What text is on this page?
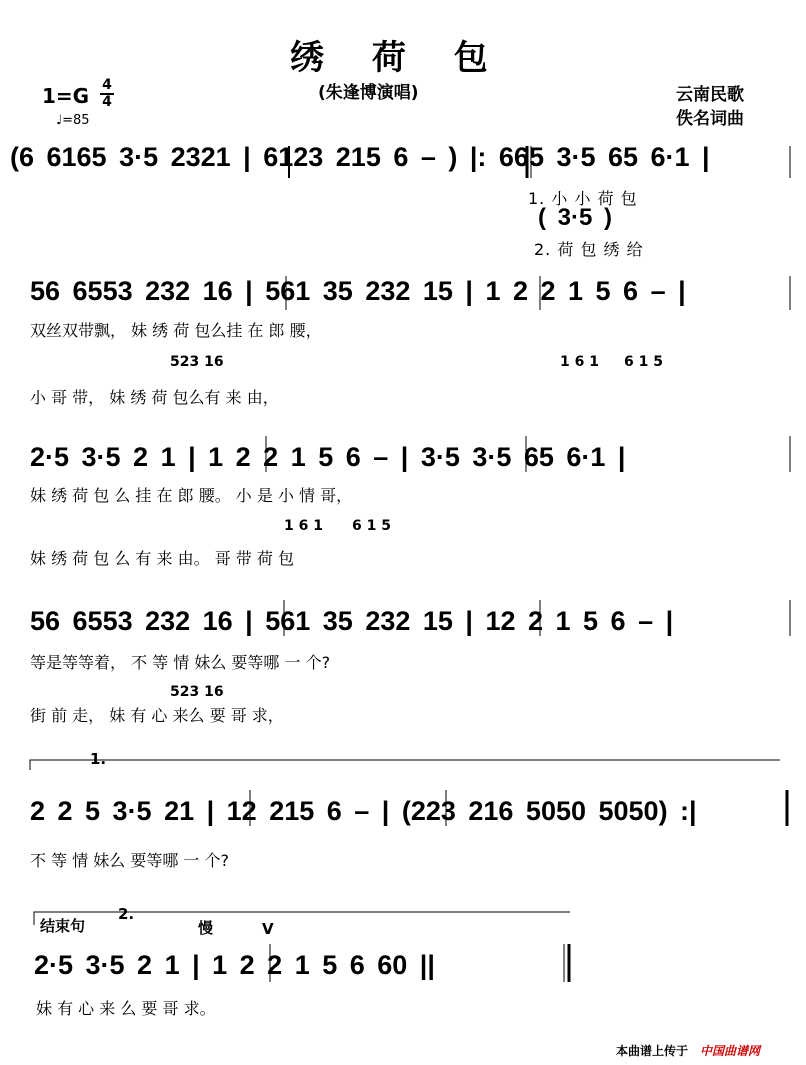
绣 荷 包
(朱逢博演唱)	云南民歌
佚名词曲
1=G 4
4
♩=85
(6 6165 3·5 2321 | 6123 215 6 – ) |: 665 3·5 65 6·1 |
1. 小 小 荷 包
( 3·5 )
2. 荷 包 绣 给
56 6553 232 16 | 561 35 232 15 | 1 2 2 1 5 6 – |
双丝双带飘， 妹 绣 荷 包么挂 在 郎 腰，
523 16	1 6 1 6 1 5
小 哥 带， 妹 绣 荷 包么有 来 由，
2·5 3·5 2 1 | 1 2 2 1 5 6 – | 3·5 3·5 65 6·1 |
妹 绣 荷 包 么 挂 在 郎 腰。 小 是 小 情 哥，
1 6 1 6 1 5
妹 绣 荷 包 么 有 来 由。 哥 带 荷 包
56 6553 232 16 | 561 35 232 15 | 12 2 1 5 6 – |
等是等等着， 不 等 情 妹么 要等哪 一 个?
523 16
街 前 走， 妹 有 心 来么 要 哥 求，
1.
2 2 5 3·5 21 | 12 215 6 – | (223 216 5050 5050) :|
不 等 情 妹么 要等哪 一 个?
结束句
2.
慢	V
2·5 3·5 2 1 | 1 2 2 1 5 6 60 ||
妹 有 心 来 么 要 哥 求。
本曲谱上传于 中国曲谱网
